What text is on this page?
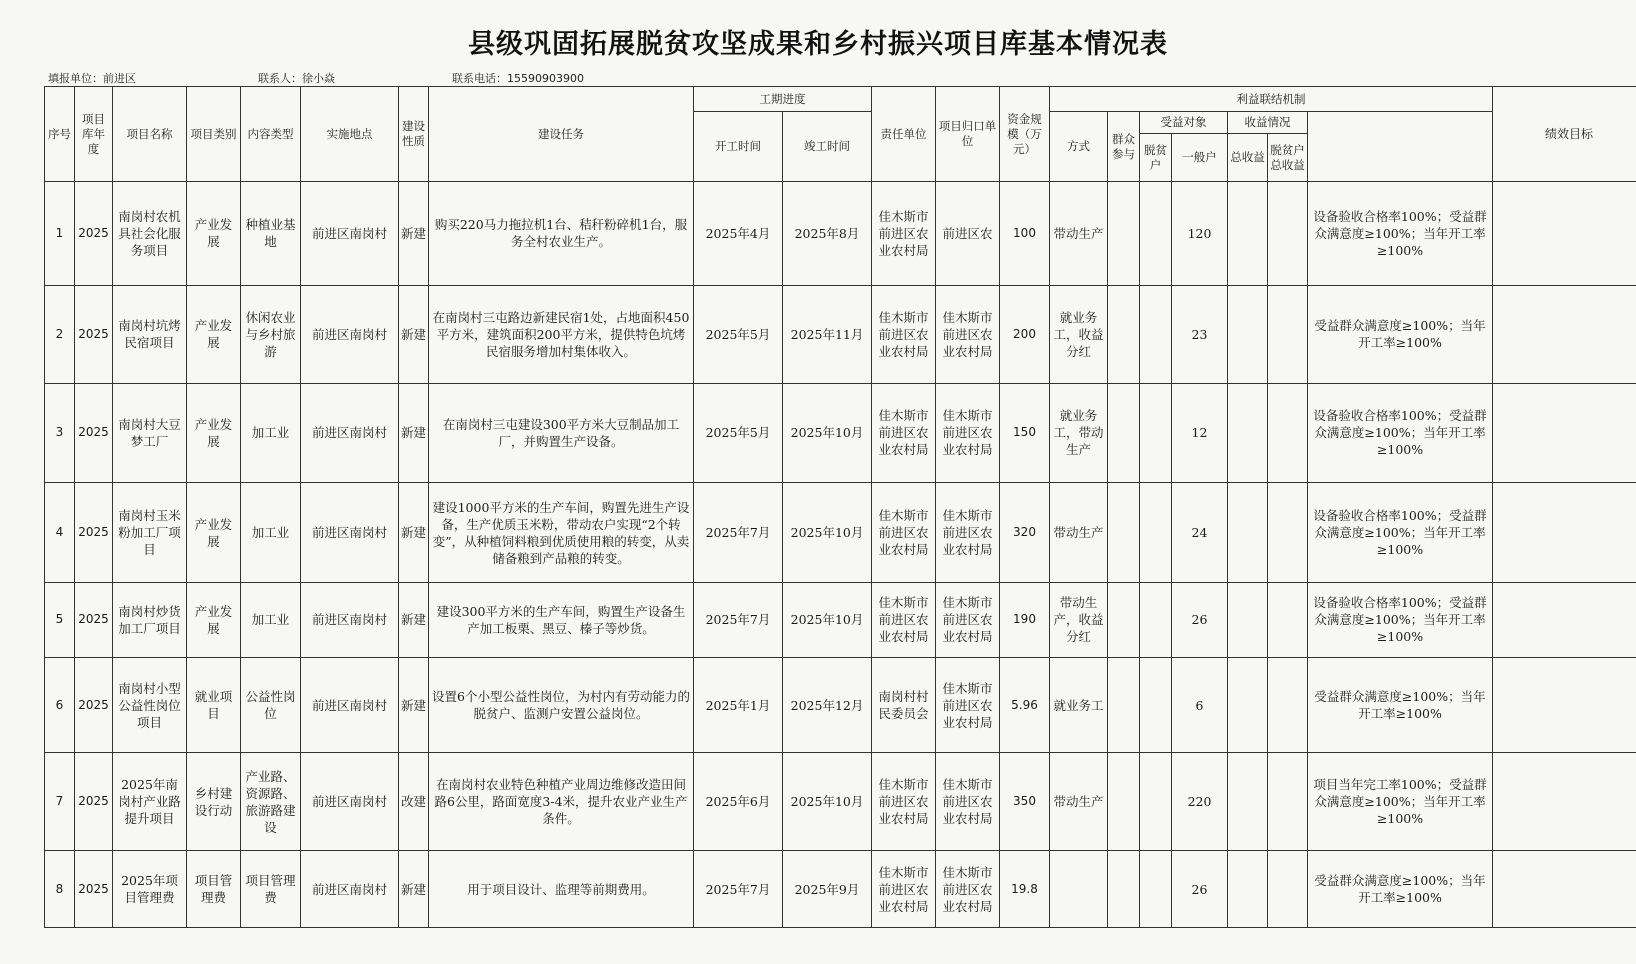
县级巩固拓展脱贫攻坚成果和乡村振兴项目库基本情况表
填报单位：前进区	联系人：徐小焱	联系电话：15590903900
序号	项目库年度	项目名称	项目类别	内容类型	实施地点	建设性质	建设任务	工期进度		责任单位	项目归口单位	资金规模（万元）	利益联结机制							绩效目标	
								开工时间	竣工时间				方式	群众参与	受益对象		收益情况				
															脱贫户	一般户	总收益	脱贫户总收益			

1	2025	南岗村农机具社会化服务项目	产业发展	种植业基地	前进区南岗村	新建	购买220马力拖拉机1台、秸秆粉碎机1台，服务全村农业生产。	2025年4月	2025年8月	佳木斯市前进区农业农村局	前进区农	100	带动生产			120			设备验收合格率100%；受益群众满意度≥100%；当年开工率≥100%		
2	2025	南岗村坑烤民宿项目	产业发展	休闲农业与乡村旅游	前进区南岗村	新建	在南岗村三屯路边新建民宿1处，占地面积450平方米，建筑面积200平方米，提供特色坑烤民宿服务增加村集体收入。	2025年5月	2025年11月	佳木斯市前进区农业农村局	佳木斯市前进区农业农村局	200	就业务工，收益分红			23			受益群众满意度≥100%；当年开工率≥100%		
3	2025	南岗村大豆梦工厂	产业发展	加工业	前进区南岗村	新建	在南岗村三屯建设300平方米大豆制品加工厂，并购置生产设备。	2025年5月	2025年10月	佳木斯市前进区农业农村局	佳木斯市前进区农业农村局	150	就业务工，带动生产			12			设备验收合格率100%；受益群众满意度≥100%；当年开工率≥100%		
4	2025	南岗村玉米粉加工厂项目	产业发展	加工业	前进区南岗村	新建	建设1000平方米的生产车间，购置先进生产设备，生产优质玉米粉，带动农户实现“2个转变”，从种植饲料粮到优质使用粮的转变，从卖储备粮到产品粮的转变。	2025年7月	2025年10月	佳木斯市前进区农业农村局	佳木斯市前进区农业农村局	320	带动生产			24			设备验收合格率100%；受益群众满意度≥100%；当年开工率≥100%		
5	2025	南岗村炒货加工厂项目	产业发展	加工业	前进区南岗村	新建	建设300平方米的生产车间，购置生产设备生产加工板栗、黑豆、榛子等炒货。	2025年7月	2025年10月	佳木斯市前进区农业农村局	佳木斯市前进区农业农村局	190	带动生产，收益分红			26			设备验收合格率100%；受益群众满意度≥100%；当年开工率≥100%		
6	2025	南岗村小型公益性岗位项目	就业项目	公益性岗位	前进区南岗村	新建	设置6个小型公益性岗位，为村内有劳动能力的脱贫户、监测户安置公益岗位。	2025年1月	2025年12月	南岗村村民委员会	佳木斯市前进区农业农村局	5.96	就业务工			6			受益群众满意度≥100%；当年开工率≥100%		
7	2025	2025年南岗村产业路提升项目	乡村建设行动	产业路、资源路、旅游路建设	前进区南岗村	改建	在南岗村农业特色种植产业周边维修改造田间路6公里，路面宽度3-4米，提升农业产业生产条件。	2025年6月	2025年10月	佳木斯市前进区农业农村局	佳木斯市前进区农业农村局	350	带动生产			220			项目当年完工率100%；受益群众满意度≥100%；当年开工率≥100%		
8	2025	2025年项目管理费	项目管理费	项目管理费	前进区南岗村	新建	用于项目设计、监理等前期费用。	2025年7月	2025年9月	佳木斯市前进区农业农村局	佳木斯市前进区农业农村局	19.8				26			受益群众满意度≥100%；当年开工率≥100%		
